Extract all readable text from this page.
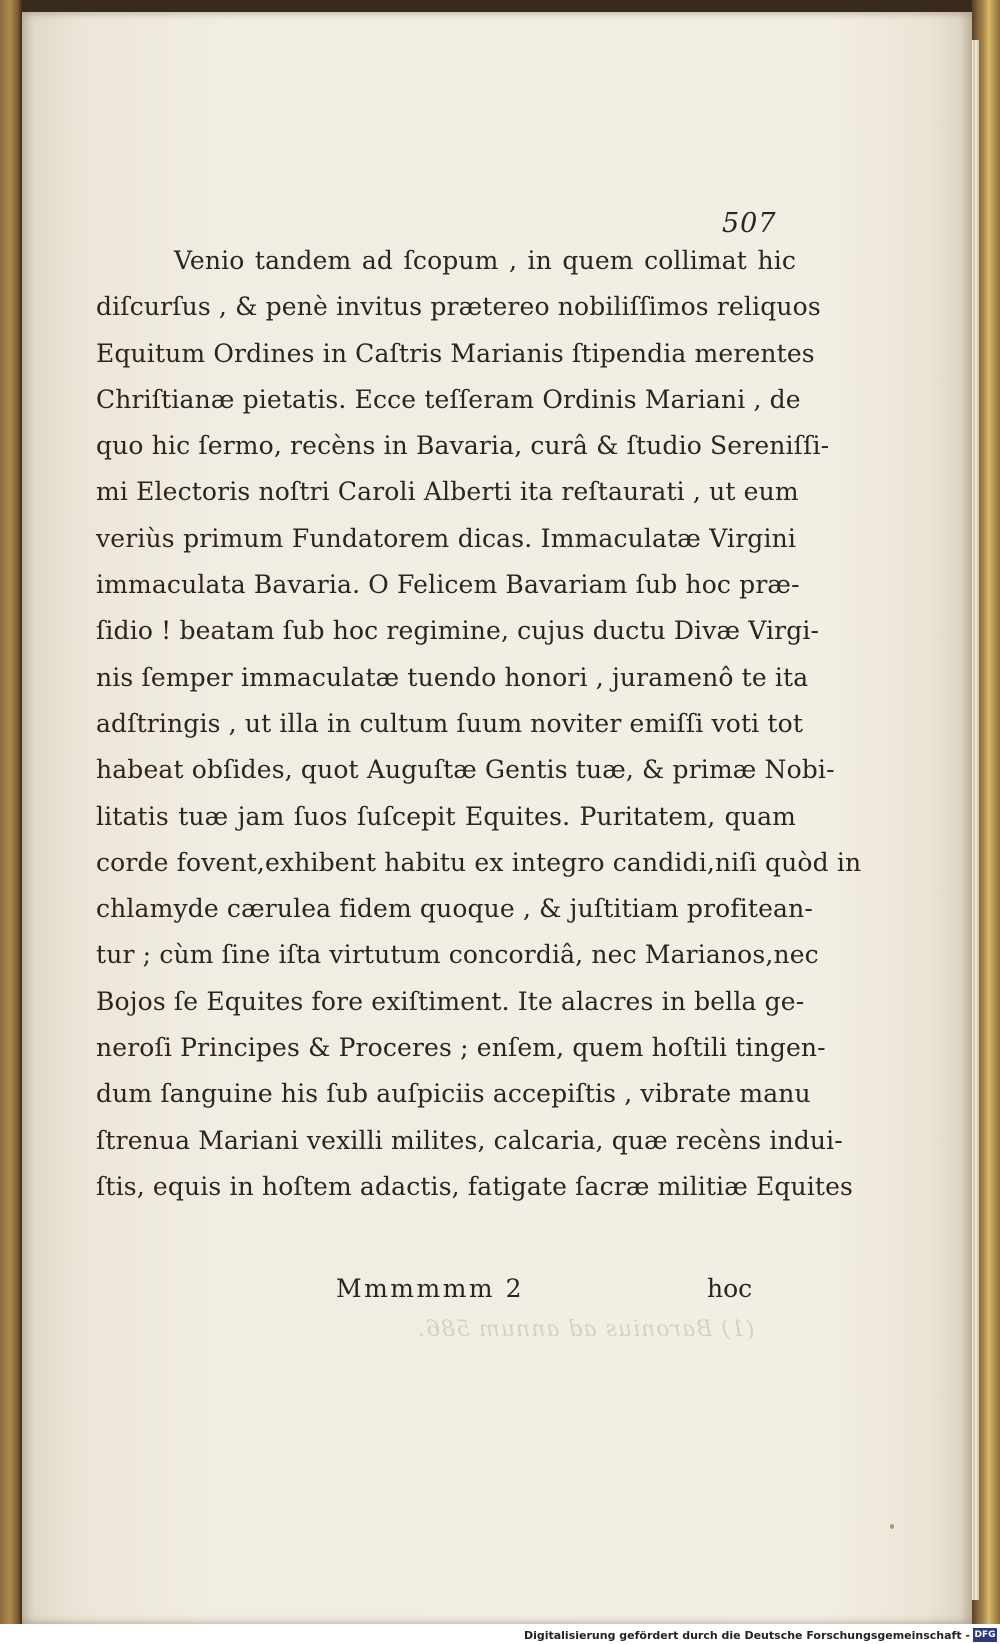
507
(1) Baronius ad annum 586.
Venio tandem ad ſcopum , in quem collimat hic
diſcurſus , & penè invitus prætereo nobiliſſimos reliquos
Equitum Ordines in Caſtris Marianis ſtipendia merentes
Chriſtianæ pietatis. Ecce teſſeram Ordinis Mariani , de
quo hic ſermo, recèns in Bavaria, curâ & ſtudio Sereniſſi-
mi Electoris noſtri Caroli Alberti ita reſtaurati , ut eum
veriùs primum Fundatorem dicas. Immaculatæ Virgini
immaculata Bavaria. O Felicem Bavariam ſub hoc præ-
ſidio ! beatam ſub hoc regimine, cujus ductu Divæ Virgi-
nis ſemper immaculatæ tuendo honori , juramenô te ita
adſtringis , ut illa in cultum ſuum noviter emiſſi voti tot
habeat obſides, quot Auguſtæ Gentis tuæ, & primæ Nobi-
litatis tuæ jam ſuos ſuſcepit Equites. Puritatem, quam
corde fovent,exhibent habitu ex integro candidi,niſi quòd in
chlamyde cærulea fidem quoque , & juſtitiam profitean-
tur ; cùm ſine iſta virtutum concordiâ, nec Marianos,nec
Bojos ſe Equites fore exiſtiment. Ite alacres in bella ge-
neroſi Principes & Proceres ; enſem, quem hoſtili tingen-
dum ſanguine his ſub auſpiciis accepiſtis , vibrate manu
ſtrenua Mariani vexilli milites, calcaria, quæ recèns indui-
ſtis, equis in hoſtem adactis, fatigate ſacræ militiæ Equites
Mmmmmm 2	hoc
Digitalisierung gefördert durch die Deutsche Forschungsgemeinschaft - DFG
